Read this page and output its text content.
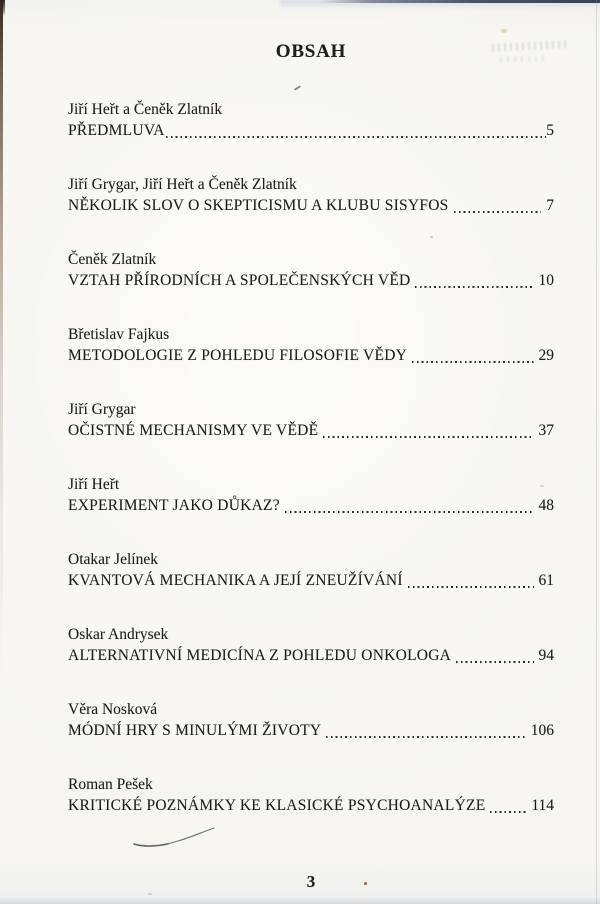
OBSAH
Jiří Heřt a Čeněk Zlatník
PŘEDMLUVA	5
Jiří Grygar, Jiří Heřt a Čeněk Zlatník
NĚKOLIK SLOV O SKEPTICISMU A KLUBU SISYFOS	7
Čeněk Zlatník
VZTAH PŘÍRODNÍCH A SPOLEČENSKÝCH VĚD	10
Břetislav Fajkus
METODOLOGIE Z POHLEDU FILOSOFIE VĚDY	29
Jiří Grygar
OČISTNÉ MECHANISMY VE VĚDĚ	37
Jiří Heřt
EXPERIMENT JAKO DŮKAZ?	48
Otakar Jelínek
KVANTOVÁ MECHANIKA A JEJÍ ZNEUŽÍVÁNÍ	61
Oskar Andrysek
ALTERNATIVNÍ MEDICÍNA Z POHLEDU ONKOLOGA	94
Věra Nosková
MÓDNÍ HRY S MINULÝMI ŽIVOTY	106
Roman Pešek
KRITICKÉ POZNÁMKY KE KLASICKÉ PSYCHOANALÝZE	114
3
